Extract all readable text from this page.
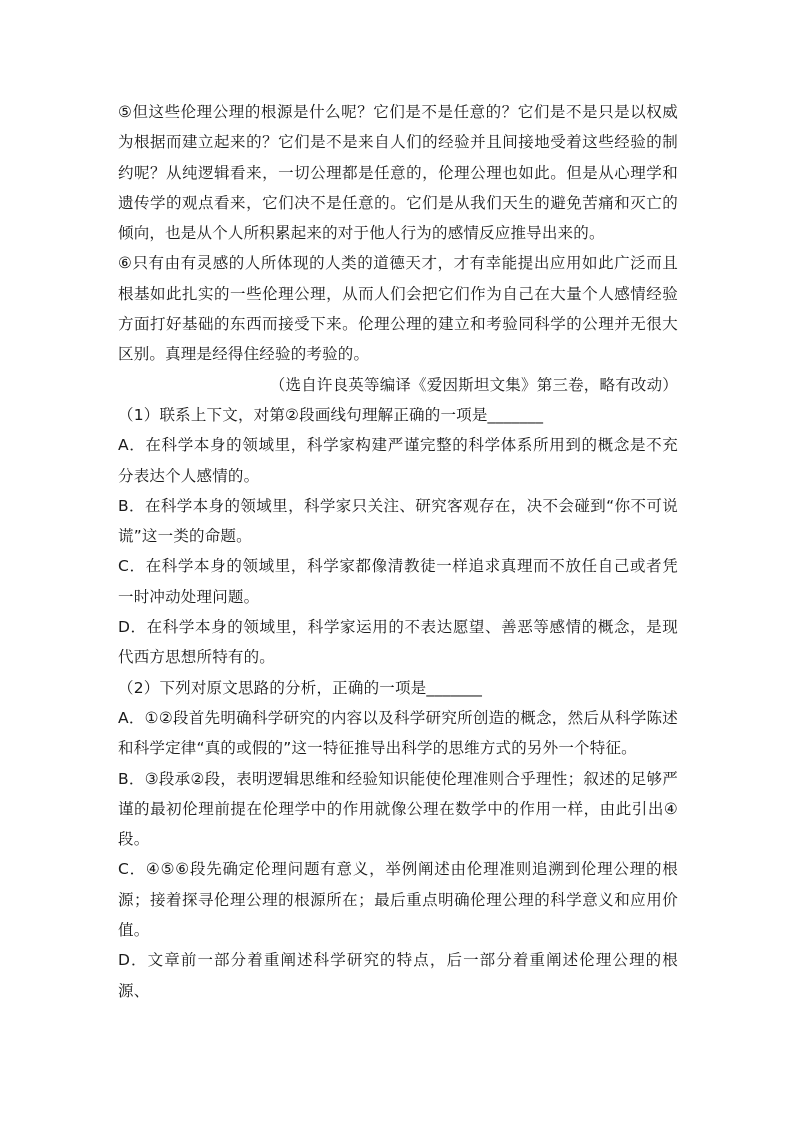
⑤但这些伦理公理的根源是什么呢？它们是不是任意的？它们是不是只是以权威为根据而建立起来的？它们是不是来自人们的经验并且间接地受着这些经验的制约呢？从纯逻辑看来，一切公理都是任意的，伦理公理也如此。但是从心理学和遗传学的观点看来，它们决不是任意的。它们是从我们天生的避免苦痛和灭亡的倾向，也是从个人所积累起来的对于他人行为的感情反应推导出来的。

⑥只有由有灵感的人所体现的人类的道德天才，才有幸能提出应用如此广泛而且根基如此扎实的一些伦理公理，从而人们会把它们作为自己在大量个人感情经验方面打好基础的东西而接受下来。伦理公理的建立和考验同科学的公理并无很大区别。真理是经得住经验的考验的。

（选自许良英等编译《爱因斯坦文集》第三卷，略有改动）

（1）联系上下文，对第②段画线句理解正确的一项是_______

A．在科学本身的领域里，科学家构建严谨完整的科学体系所用到的概念是不充分表达个人感情的。

B．在科学本身的领域里，科学家只关注、研究客观存在，决不会碰到“你不可说谎”这一类的命题。

C．在科学本身的领域里，科学家都像清教徒一样追求真理而不放任自己或者凭一时冲动处理问题。

D．在科学本身的领域里，科学家运用的不表达愿望、善恶等感情的概念，是现代西方思想所特有的。

（2）下列对原文思路的分析，正确的一项是_______

A．①②段首先明确科学研究的内容以及科学研究所创造的概念，然后从科学陈述和科学定律“真的或假的”这一特征推导出科学的思维方式的另外一个特征。

B．③段承②段，表明逻辑思维和经验知识能使伦理准则合乎理性；叙述的足够严谨的最初伦理前提在伦理学中的作用就像公理在数学中的作用一样，由此引出④段。

C．④⑤⑥段先确定伦理问题有意义，举例阐述由伦理准则追溯到伦理公理的根源；接着探寻伦理公理的根源所在；最后重点明确伦理公理的科学意义和应用价值。

D．文章前一部分着重阐述科学研究的特点，后一部分着重阐述伦理公理的根源、
